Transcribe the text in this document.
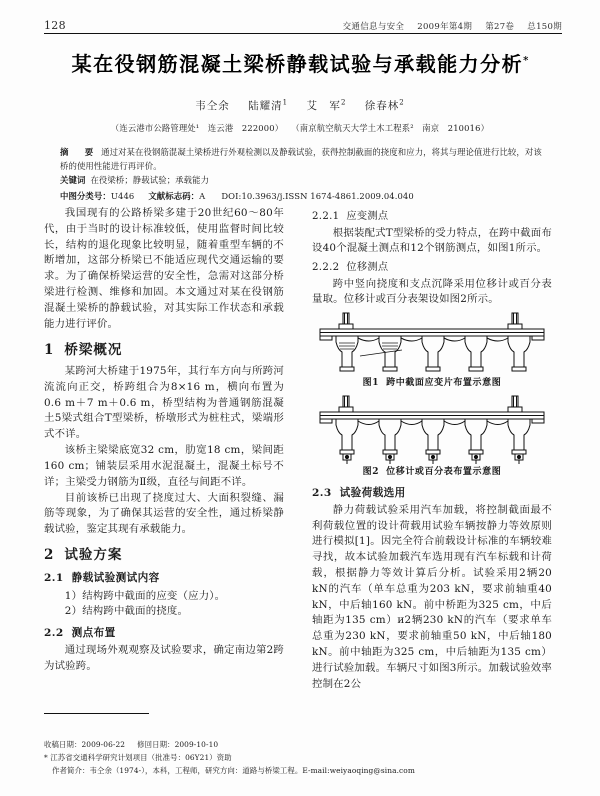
128	交通信息与安全 2009年第4期 第27卷 总150期
某在役钢筋混凝土梁桥静载试验与承载能力分析*
韦仝余 陆耀清$^1$ 艾　军$^2$ 徐春林$^2$
（连云港市公路管理处¹　连云港　222000） （南京航空航天大学土木工程系²　南京　210016）
摘　要 通过对某在役钢筋混凝土梁桥进行外观检测以及静载试验，获得控制截面的挠度和应力，将其与理论值进行比较，对该桥的使用性能进行再评价。
关键词 在役梁桥；静载试验；承载能力
中图分类号：U446 文献标志码：A DOI:10.3963/j.ISSN 1674-4861.2009.04.040

我国现有的公路桥梁多建于20世纪60～80年代，由于当时的设计标准较低，使用监督时间比较长，结构的退化现象比较明显，随着重型车辆的不断增加，这部分桥梁已不能适应现代交通运输的要求。为了确保桥梁运营的安全性，急需对这部分桥梁进行检测、维修和加固。本文通过对某在役钢筋混凝土梁桥的静载试验，对其实际工作状态和承载能力进行评价。

1 桥梁概况

某跨河大桥建于1975年，其行车方向与所跨河流流向正交，桥跨组合为8×16 m，横向布置为0.6 m＋7 m＋0.6 m，桥型结构为普通钢筋混凝土5梁式组合T型梁桥，桥墩形式为桩柱式，梁端形式不详。

该桥主梁梁底宽32 cm，肋宽18 cm，梁间距160 cm；铺装层采用水泥混凝土，混凝土标号不详；主梁受力钢筋为Ⅱ级，直径与间距不详。

目前该桥已出现了挠度过大、大面积裂缝、漏筋等现象，为了确保其运营的安全性，通过桥梁静载试验，鉴定其现有承载能力。

2 试验方案
2.1 静载试验测试内容

1）结构跨中截面的应变（应力）。

2）结构跨中截面的挠度。

2.2 测点布置

通过现场外观观察及试验要求，确定南边第2跨为试验跨。

2.2.1 应变测点

根据装配式T型梁桥的受力特点，在跨中截面布设40个混凝土测点和12个钢筋测点，如图1所示。

2.2.2 位移测点

跨中竖向挠度和支点沉降采用位移计或百分表量取。位移计或百分表架设如图2所示。

图1 跨中截面应变片布置示意图
图2 位移计或百分表布置示意图
2.3 试验荷载选用

静力荷载试验采用汽车加载，将控制截面最不利荷载位置的设计荷载用试验车辆按静力等效原则进行模拟[1]。因完全符合前载设计标准的车辆较难寻找，故本试验加载汽车选用现有汽车标载和计荷载，根据静力等效计算后分析。试验采用2辆20 kN的汽车（单车总重为203 kN，要求前轴重40 kN，中后轴160 kN。前中桥距为325 cm，中后轴距为135 cm）и2辆230 kN的汽车（要求单车总重为230 kN，要求前轴重50 kN，中后轴180 kN。前中轴距为325 cm，中后轴距为135 cm）进行试验加载。车辆尺寸如图3所示。加载试验效率控制在2公

收稿日期：2009-06-22 修回日期：2009-10-10
* 江苏省交通科学研究计划项目（批准号：06Y21）资助
作者简介：韦仝余（1974-），本科，工程师，研究方向：道路与桥梁工程。E-mail:weiyaoqing@sina.com
